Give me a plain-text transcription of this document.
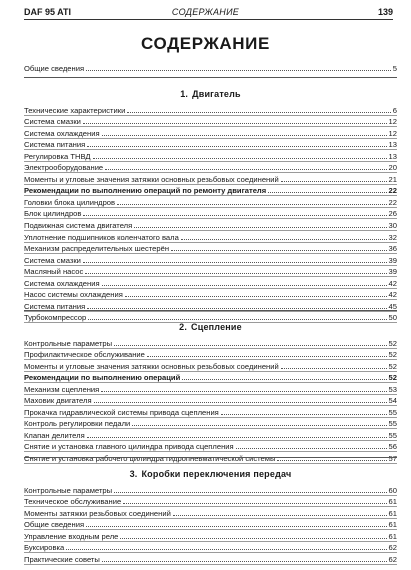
DAF 95 ATI	СОДЕРЖАНИЕ	139
СОДЕРЖАНИЕ
Общие сведения	5
1. Двигатель
Технические характеристики	6
Система смазки	12
Система охлаждения	12
Система питания	13
Регулировка ТНВД	13
Электрооборудование	20
Моменты и угловые значения затяжки основных резьбовых соединений	21
Рекомендации по выполнению операций по ремонту двигателя	22
Головки блока цилиндров	22
Блок цилиндров	26
Подвижная система двигателя	30
Уплотнение подшипников коленчатого вала	32
Механизм распределительных шестерён	36
Система смазки	39
Масляный насос	39
Система охлаждения	42
Насос системы охлаждения	42
Система питания	45
Турбокомпрессор	50
2. Сцепление
Контрольные параметры	52
Профилактическое обслуживание	52
Моменты и угловые значения затяжки основных резьбовых соединений	52
Рекомендации по выполнению операций	52
Механизм сцепления	53
Маховик двигателя	54
Прокачка гидравлической системы привода сцепления	55
Контроль регулировки педали	55
Клапан делителя	55
Снятие и установка главного цилиндра привода сцепления	56
Снятие и установка рабочего цилиндра гидропневматической системы	57
3. Коробки переключения передач
Контрольные параметры	60
Техническое обслуживание	61
Моменты затяжки резьбовых соединений	61
Общие сведения	61
Управление входным реле	61
Буксировка	62
Практические советы	62
